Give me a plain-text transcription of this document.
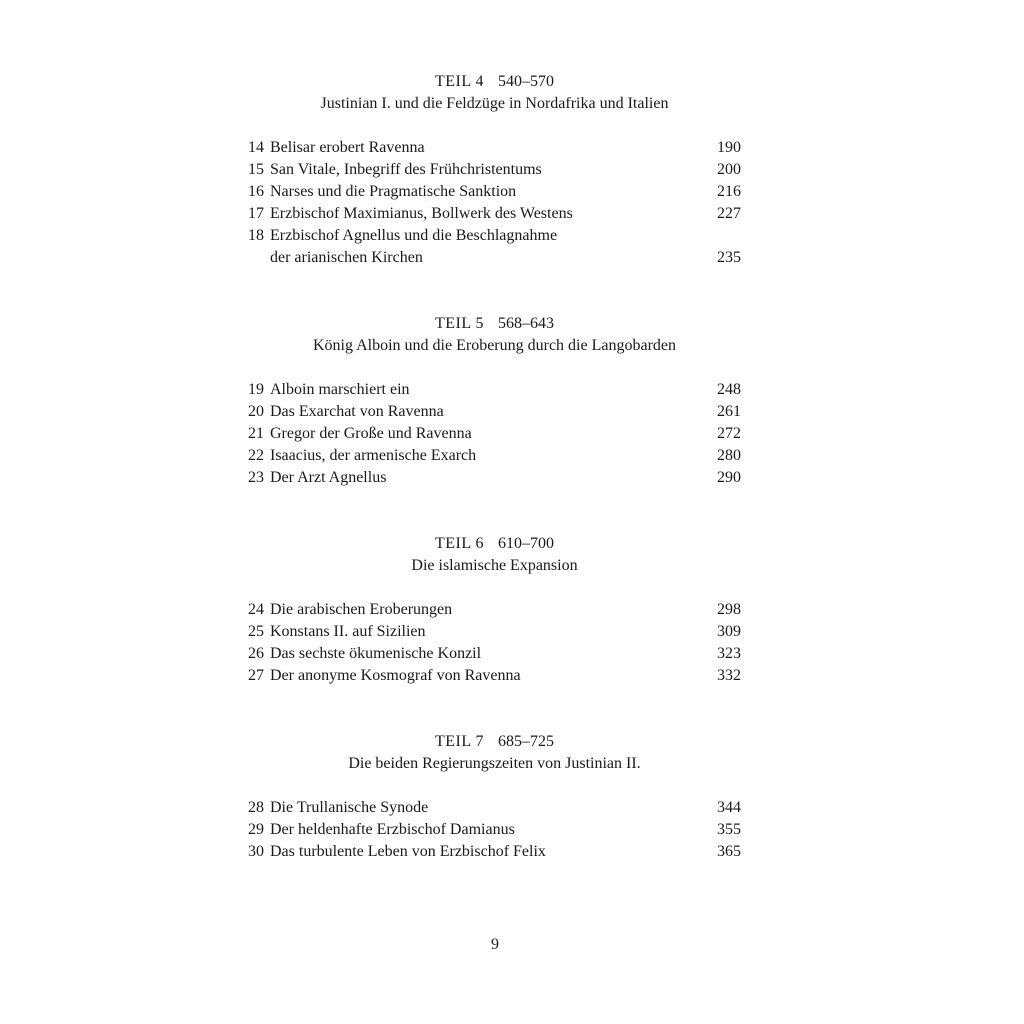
TEIL 4 540–570
Justinian I. und die Feldzüge in Nordafrika und Italien
14 Belisar erobert Ravenna	190
15 San Vitale, Inbegriff des Frühchristentums	200
16 Narses und die Pragmatische Sanktion	216
17 Erzbischof Maximianus, Bollwerk des Westens	227
18 Erzbischof Agnellus und die Beschlagnahme
der arianischen Kirchen	235
TEIL 5 568–643
König Alboin und die Eroberung durch die Langobarden
19 Alboin marschiert ein	248
20 Das Exarchat von Ravenna	261
21 Gregor der Große und Ravenna	272
22 Isaacius, der armenische Exarch	280
23 Der Arzt Agnellus	290
TEIL 6 610–700
Die islamische Expansion
24 Die arabischen Eroberungen	298
25 Konstans II. auf Sizilien	309
26 Das sechste ökumenische Konzil	323
27 Der anonyme Kosmograf von Ravenna	332
TEIL 7 685–725
Die beiden Regierungszeiten von Justinian II.
28 Die Trullanische Synode	344
29 Der heldenhafte Erzbischof Damianus	355
30 Das turbulente Leben von Erzbischof Felix	365
9
